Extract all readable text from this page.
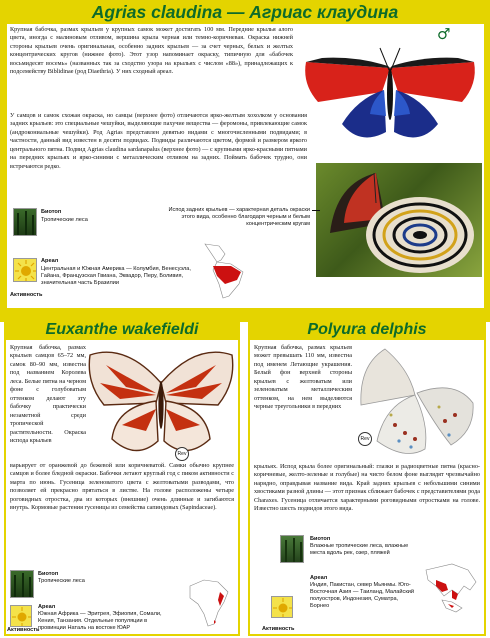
Agrias claudina — Агриас клаудина
♂

Крупная бабочка, размах крыльев у крупных самок может достигать 100 мм. Передние крылья алого цвета, иногда с малиновым отливом, вершина крыла черная или темно-коричневая. Окраска нижней стороны крыльев очень оригинальная, особенно задних крыльев — за счет черных, белых и желтых концентрических кругов (нижнее фото). Этот узор напоминает окраску, типичную для «бабочек восьмидесят восемь» (названных так за сходство узора на крыльях с числом «88»), принадлежащих к подсемейству Biblidinae (род Diaethria). У них сходный ареал.

У самцов и самок схожая окраска, но самцы (верхнее фото) отличаются ярко-желтым хохолком у основания задних крыльев: это специальные чешуйки, выделяющие пахучие вещества — феромоны, привлекающие самок (андрокониальные чешуйки). Род Agrias представлен девятью видами с многочисленными подвидами; в частности, данный вид известен в десяти подвидах. Подвиды различаются цветом, формой и размером яркого центрального пятна. Подвид Agrias claudina sardanapalus (верхнее фото) — с крупными ярко-красными пятнами на передних крыльях и ярко-синими с металлическим отливом на задних. Поймать бабочек трудно, они встречаются редко.

Испод задних крыльев — характерная деталь окраски этого вида, особенно благодаря черным и белым концентрическим кругам
Биотоп
Тропические леса
Активность
Ареал
Центральная и Южная Америка — Колумбия, Венесуэла, Гайана, Французская Гвиана, Эквадор, Перу, Боливия, значительная часть Бразилии
Euxanthe wakefieldi
Крупная бабочка, размах крыльев самцов 65–72 мм, самок 80–90 мм, известна под названием Королева леса. Белые пятна на черном фоне с голубоватым оттенком делают эту бабочку практически незаметной среди тропической растительности. Окраска испода крыльев
Rev
варьирует от оранжевой до бежевой или коричневатой. Самки обычно крупнее самцов и более бледной окраски. Бабочки летают круглый год с пиком активности с марта по июнь. Гусеница зеленоватого цвета с желтоватыми разводами, что позволяет ей прекрасно прятаться в листве. На голове расположены четыре роговидных отростка, два из которых (внешние) очень длинные и загибаются внутрь. Кормовые растения гусеницы из семейства сапиндовых (Sapindaceae).
Биотоп
Тропические леса
Активность
Ареал
Южная Африка — Эритрея, Эфиопия, Сомали, Кения, Танзания. Отдельные популяции в провинции Наталь на востоке ЮАР
Polyura delphis
Крупная бабочка, размах крыльев может превышать 110 мм, известна под именем Летающие украшения. Белый фон верхней стороны крыльев с желтоватым или зеленоватым металлическим оттенком, на нем выделяются черные треугольники в передних
Rev
крыльях. Испод крыла более оригинальный: глазки и радиоцветные пятна (красно-коричневые, желто-зеленые и голубые) на чисто белом фоне выглядят чрезвычайно нарядно, оправдывая название вида. Край задних крыльев с небольшими синими хвостиками разной длины — этот признак сближает бабочек с представителями рода Charaxes. Гусеница отличается характерными роговидными отростками на голове. Известно шесть подвидов этого вида.
Биотоп
Влажные тропические леса, влажные места вдоль рек, озер, пляжей
Активность
Ареал
Индия, Пакистан, север Мьянмы. Юго-Восточная Азия — Таиланд, Малайский полуостров, Индонезия, Суматра, Борнео
